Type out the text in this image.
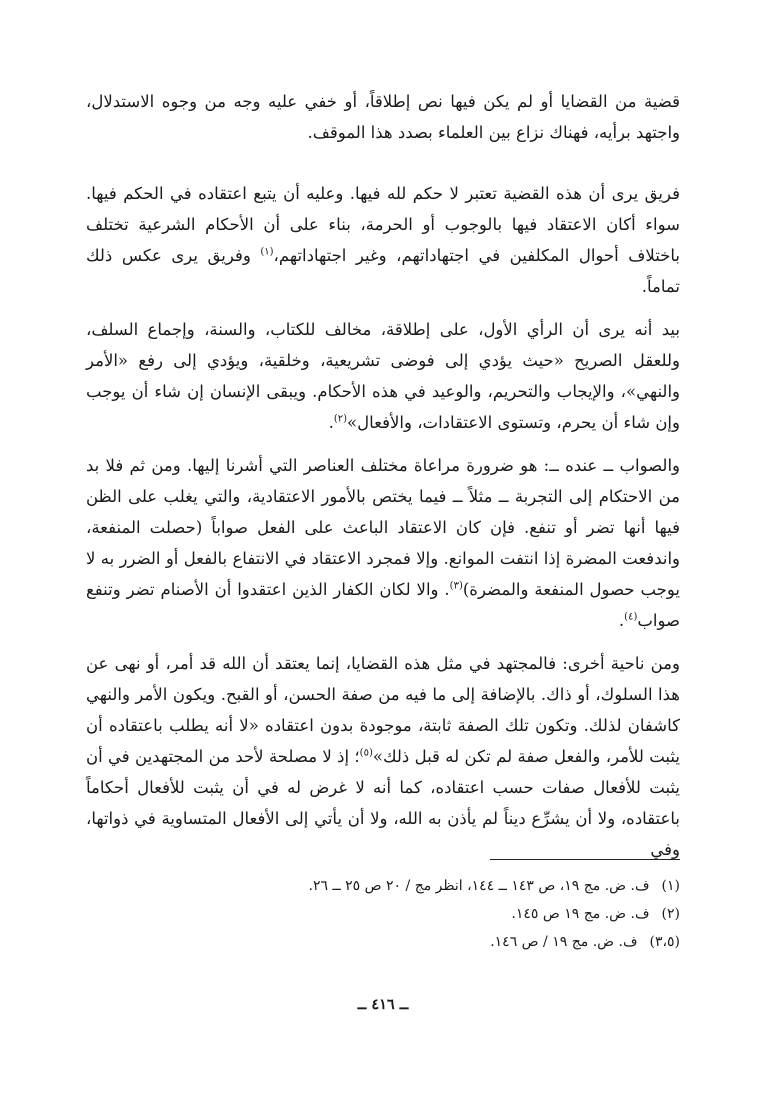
قضية من القضايا أو لم يكن فيها نص إطلاقاً، أو خفي عليه وجه من وجوه الاستدلال، واجتهد برأيه، فهناك نزاع بين العلماء بصدد هذا الموقف.

فريق يرى أن هذه القضية تعتبر لا حكم لله فيها. وعليه أن يتبع اعتقاده في الحكم فيها. سواء أكان الاعتقاد فيها بالوجوب أو الحرمة، بناء على أن الأحكام الشرعية تختلف باختلاف أحوال المكلفين في اجتهاداتهم، وغير اجتهاداتهم،$^{(١)}$ وفريق يرى عكس ذلك تماماً.

بيد أنه يرى أن الرأي الأول، على إطلاقة، مخالف للكتاب، والسنة، وإجماع السلف، وللعقل الصريح «حيث يؤدي إلى فوضى تشريعية، وخلقية، ويؤدي إلى رفع «الأمر والنهي»، والإيجاب والتحريم، والوعيد في هذه الأحكام. ويبقى الإنسان إن شاء أن يوجب وإن شاء أن يحرم، وتستوى الاعتقادات، والأفعال»$^{(٢)}$.

والصواب ــ عنده ــ: هو ضرورة مراعاة مختلف العناصر التي أشرنا إليها. ومن ثم فلا بد من الاحتكام إلى التجربة ــ مثلاً ــ فيما يختص بالأمور الاعتقادية، والتي يغلب على الظن فيها أنها تضر أو تنفع. فإن كان الاعتقاد الباعث على الفعل صواباً (حصلت المنفعة، واندفعت المضرة إذا انتفت الموانع. وإلا فمجرد الاعتقاد في الانتفاع بالفعل أو الضرر به لا يوجب حصول المنفعة والمضرة)$^{(٣)}$. والا لكان الكفار الذين اعتقدوا أن الأصنام تضر وتنفع صواب$^{(٤)}$.

ومن ناحية أخرى: فالمجتهد في مثل هذه القضايا، إنما يعتقد أن الله قد أمر، أو نهى عن هذا السلوك، أو ذاك. بالإضافة إلى ما فيه من صفة الحسن، أو القبح. ويكون الأمر والنهي كاشفان لذلك. وتكون تلك الصفة ثابتة، موجودة بدون اعتقاده «لا أنه يطلب باعتقاده أن يثبت للأمر، والفعل صفة لم تكن له قبل ذلك»$^{(٥)}$؛ إذ لا مصلحة لأحد من المجتهدين في أن يثبت للأفعال صفات حسب اعتقاده، كما أنه لا غرض له في أن يثبت للأفعال أحكاماً باعتقاده، ولا أن يشرِّع ديناً لم يأذن به الله، ولا أن يأتي إلى الأفعال المتساوية في ذواتها، وفي

(١)ف. ض. مج ١٩، ص ١٤٣ ــ ١٤٤، انظر مج / ٢٠ ص ٢٥ ــ ٢٦.
(٢)ف. ض. مج ١٩ ص ١٤٥.
(٣،٥)ف. ض. مج ١٩ / ص ١٤٦.
ــ ٤١٦ ــ
